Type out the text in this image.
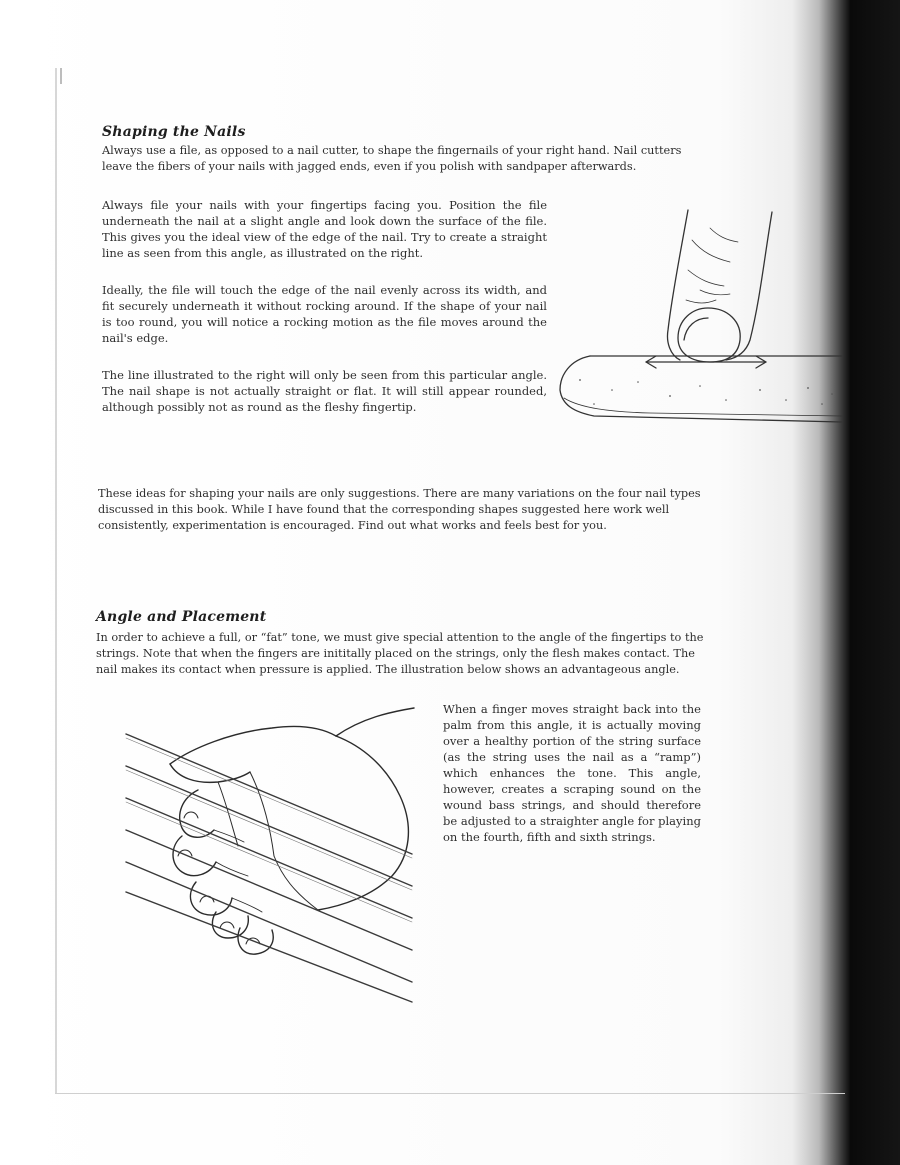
Shaping the Nails

Always use a file, as opposed to a nail cutter, to shape the fingernails of your right hand. Nail cutters leave the fibers of your nails with jagged ends, even if you polish with sandpaper afterwards.

Always file your nails with your fingertips facing you. Position the file underneath the nail at a slight angle and look down the surface of the file. This gives you the ideal view of the edge of the nail. Try to create a straight line as seen from this angle, as illustrated on the right.

Ideally, the file will touch the edge of the nail evenly across its width, and fit securely underneath it without rocking around. If the shape of your nail is too round, you will notice a rocking motion as the file moves around the nail's edge.

The line illustrated to the right will only be seen from this particular angle. The nail shape is not actually straight or flat. It will still appear rounded, although possibly not as round as the fleshy fingertip.

These ideas for shaping your nails are only suggestions. There are many variations on the four nail types discussed in this book. While I have found that the corresponding shapes suggested here work well consistently, experimentation is encouraged. Find out what works and feels best for you.

Angle and Placement

In order to achieve a full, or “fat” tone, we must give special attention to the angle of the fingertips to the strings. Note that when the fingers are inititally placed on the strings, only the flesh makes contact. The nail makes its contact when pressure is applied. The illustration below shows an advantageous angle.

When a finger moves straight back into the palm from this angle, it is actually moving over a healthy portion of the string surface (as the string uses the nail as a “ramp”) which enhances the tone. This angle, however, creates a scraping sound on the wound bass strings, and should therefore be adjusted to a straighter angle for playing on the fourth, fifth and sixth strings.
